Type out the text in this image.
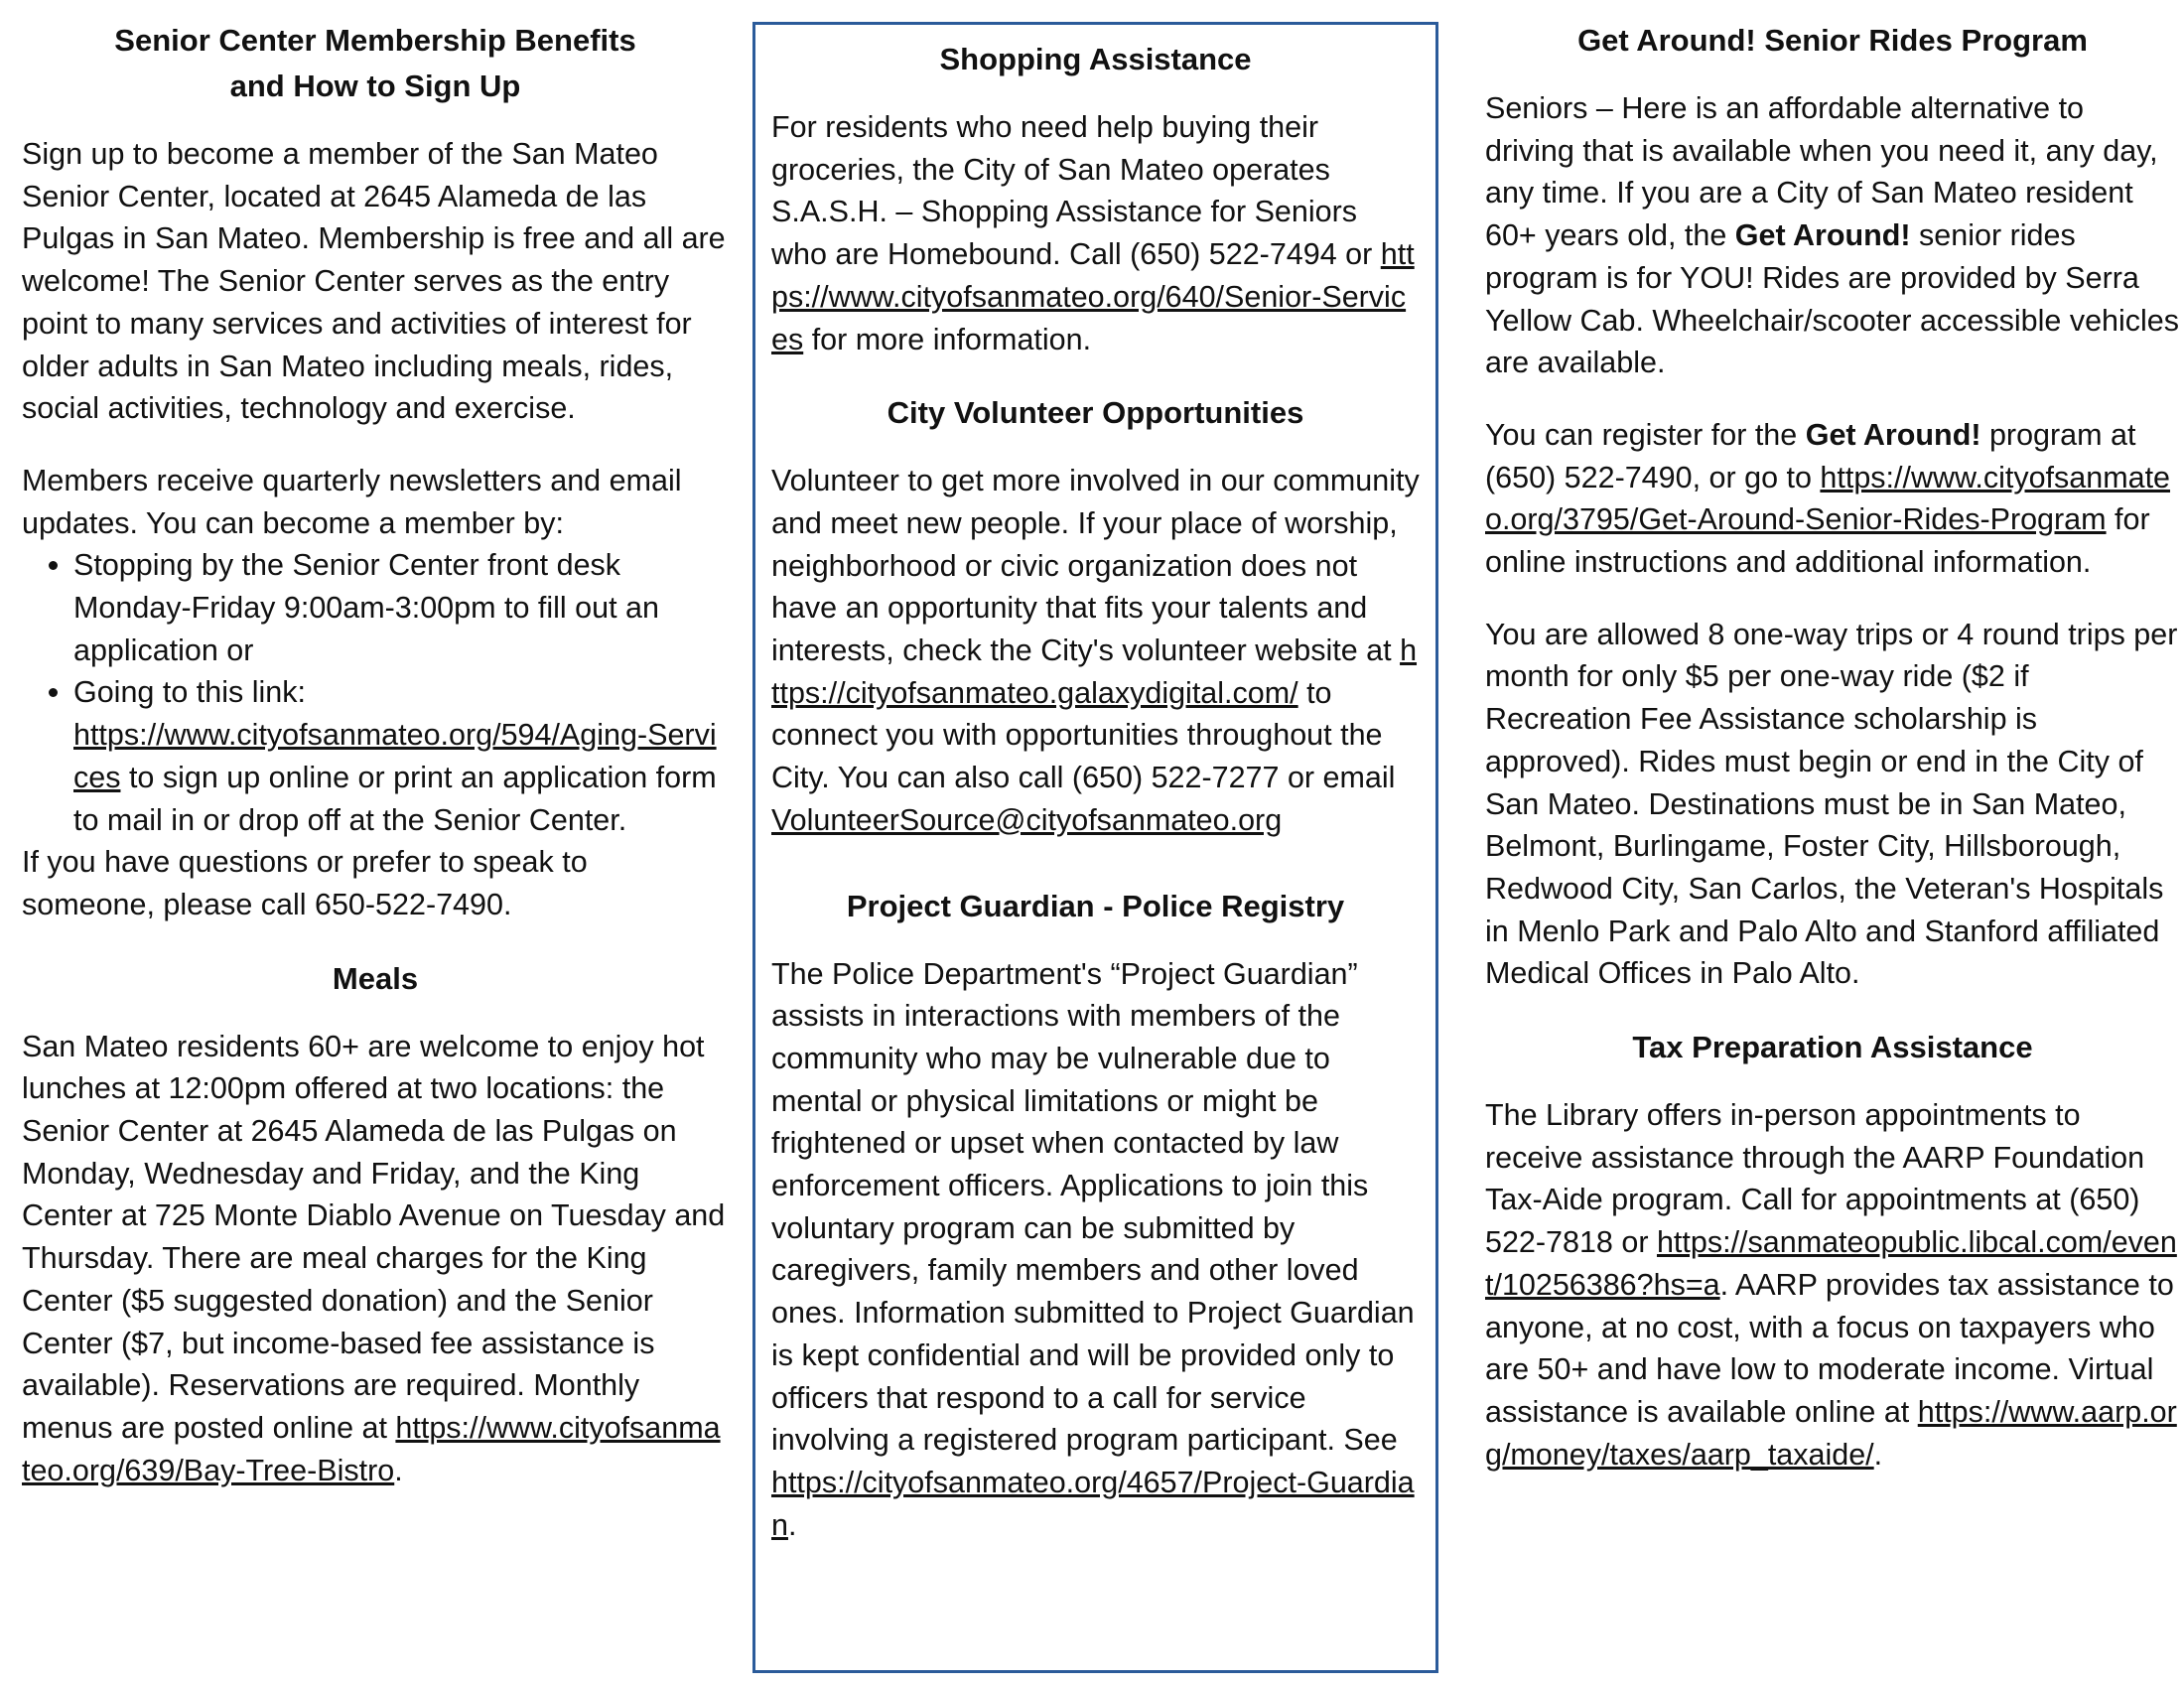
Senior Center Membership Benefits
and How to Sign Up

Sign up to become a member of the San Mateo Senior Center, located at 2645 Alameda de las Pulgas in San Mateo. Membership is free and all are welcome! The Senior Center serves as the entry point to many services and activities of interest for older adults in San Mateo including meals, rides, social activities, technology and exercise.

Members receive quarterly newsletters and email updates. You can become a member by:

• Stopping by the Senior Center front desk Monday-Friday 9:00am-3:00pm to fill out an application or
• Going to this link:
https://www.cityofsanmateo.org/594/Aging-Services to sign up online or print an application form to mail in or drop off at the Senior Center.

If you have questions or prefer to speak to someone, please call 650-522-7490.

Meals

San Mateo residents 60+ are welcome to enjoy hot lunches at 12:00pm offered at two locations: the Senior Center at 2645 Alameda de las Pulgas on Monday, Wednesday and Friday, and the King Center at 725 Monte Diablo Avenue on Tuesday and Thursday. There are meal charges for the King Center ($5 suggested donation) and the Senior Center ($7, but income-based fee assistance is available). Reservations are required. Monthly menus are posted online at https://www.cityofsanmateo.org/639/Bay-Tree-Bistro.

Shopping Assistance

For residents who need help buying their groceries, the City of San Mateo operates S.A.S.H. – Shopping Assistance for Seniors who are Homebound. Call (650) 522-7494 or https://www.cityofsanmateo.org/640/Senior-Services for more information.

City Volunteer Opportunities

Volunteer to get more involved in our community and meet new people. If your place of worship, neighborhood or civic organization does not have an opportunity that fits your talents and interests, check the City's volunteer website at https://cityofsanmateo.galaxydigital.com/ to connect you with opportunities throughout the City. You can also call (650) 522-7277 or email VolunteerSource@cityofsanmateo.org

Project Guardian - Police Registry

The Police Department's “Project Guardian” assists in interactions with members of the community who may be vulnerable due to mental or physical limitations or might be frightened or upset when contacted by law enforcement officers. Applications to join this voluntary program can be submitted by caregivers, family members and other loved ones. Information submitted to Project Guardian is kept confidential and will be provided only to officers that respond to a call for service involving a registered program participant. See https://cityofsanmateo.org/4657/Project-Guardian.

Get Around! Senior Rides Program

Seniors – Here is an affordable alternative to driving that is available when you need it, any day, any time. If you are a City of San Mateo resident 60+ years old, the Get Around! senior rides program is for YOU! Rides are provided by Serra Yellow Cab. Wheelchair/scooter accessible vehicles are available.

You can register for the Get Around! program at (650) 522-7490, or go to https://www.cityofsanmateo.org/3795/Get-Around-Senior-Rides-Program for online instructions and additional information.

You are allowed 8 one-way trips or 4 round trips per month for only $5 per one-way ride ($2 if Recreation Fee Assistance scholarship is approved). Rides must begin or end in the City of San Mateo. Destinations must be in San Mateo, Belmont, Burlingame, Foster City, Hillsborough, Redwood City, San Carlos, the Veteran's Hospitals in Menlo Park and Palo Alto and Stanford affiliated Medical Offices in Palo Alto.

Tax Preparation Assistance

The Library offers in-person appointments to receive assistance through the AARP Foundation Tax-Aide program. Call for appointments at (650) 522-7818 or https://sanmateopublic.libcal.com/event/10256386?hs=a. AARP provides tax assistance to anyone, at no cost, with a focus on taxpayers who are 50+ and have low to moderate income. Virtual assistance is available online at https://www.aarp.org/money/taxes/aarp_taxaide/.
